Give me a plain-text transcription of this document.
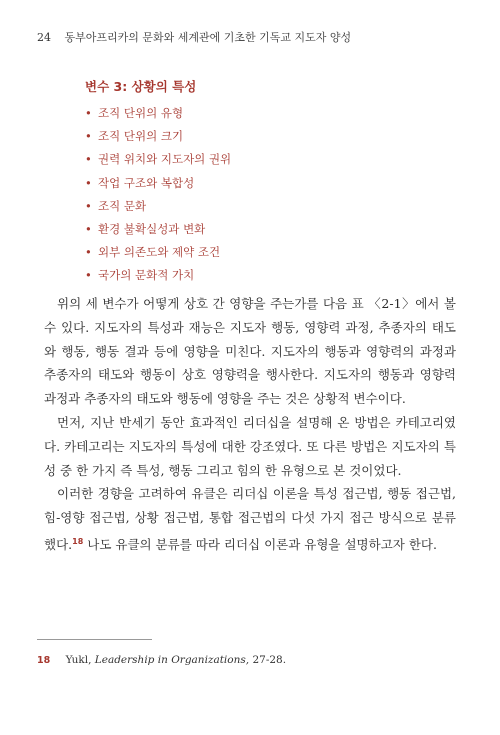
24 동부아프리카의 문화와 세계관에 기초한 기독교 지도자 양성
변수 3: 상황의 특성
• 조직 단위의 유형
• 조직 단위의 크기
• 권력 위치와 지도자의 권위
• 작업 구조와 복합성
• 조직 문화
• 환경 불확실성과 변화
• 외부 의존도와 제약 조건
• 국가의 문화적 가치

위의 세 변수가 어떻게 상호 간 영향을 주는가를 다음 표 〈2-1〉에서 볼 수 있다. 지도자의 특성과 재능은 지도자 행동, 영향력 과정, 추종자의 태도와 행동, 행동 결과 등에 영향을 미친다. 지도자의 행동과 영향력의 과정과 추종자의 태도와 행동이 상호 영향력을 행사한다. 지도자의 행동과 영향력 과정과 추종자의 태도와 행동에 영향을 주는 것은 상황적 변수이다.

먼저, 지난 반세기 동안 효과적인 리더십을 설명해 온 방법은 카테고리였다. 카테고리는 지도자의 특성에 대한 강조였다. 또 다른 방법은 지도자의 특성 중 한 가지 즉 특성, 행동 그리고 힘의 한 유형으로 본 것이었다.

이러한 경향을 고려하여 유클은 리더십 이론을 특성 접근법, 행동 접근법, 힘-영향 접근법, 상황 접근법, 통합 접근법의 다섯 가지 접근 방식으로 분류했다.$^{18}$ 나도 유클의 분류를 따라 리더십 이론과 유형을 설명하고자 한다.

18 Yukl, Leadership in Organizations, 27-28.
